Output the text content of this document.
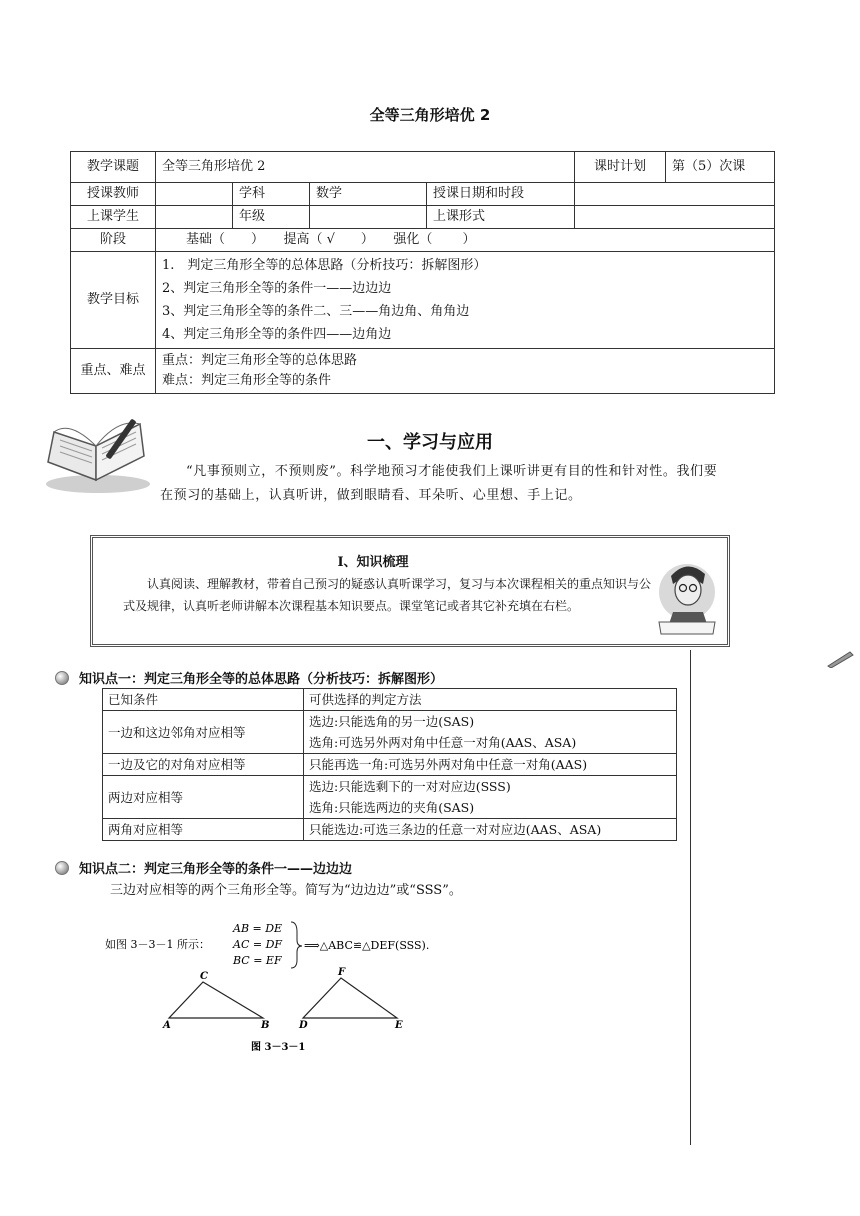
全等三角形培优 2
教学课题	全等三角形培优 2				课时计划	第（5）次课
授课教师		学科	数学	授课日期和时段		
上课学生		年级		上课形式		
阶段	基础（　　）　　提高（ √　　）　　强化（　　 ）					
教学目标	1.　判定三角形全等的总体思路（分析技巧：拆解图形）
2、判定三角形全等的条件一——边边边
3、判定三角形全等的条件二、三——角边角、角角边
4、判定三角形全等的条件四——边角边					

重点、难点	重点：判定三角形全等的总体思路
难点：判定三角形全等的条件					
一、学习与应用
“凡事预则立，不预则废”。科学地预习才能使我们上课听讲更有目的性和针对性。我们要在预习的基础上，认真听讲，做到眼睛看、耳朵听、心里想、手上记。
Ⅰ、知识梳理
认真阅读、理解教材，带着自己预习的疑惑认真听课学习，复习与本次课程相关的重点知识与公式及规律，认真听老师讲解本次课程基本知识要点。课堂笔记或者其它补充填在右栏。
知识点一：判定三角形全等的总体思路（分析技巧：拆解图形）
已知条件	可供选择的判定方法
一边和这边邻角对应相等	选边:只能选角的另一边(SAS)
选角:可选另外两对角中任意一对角(AAS、ASA)

一边及它的对角对应相等	只能再选一角:可选另外两对角中任意一对角(AAS)

两边对应相等	选边:只能选剩下的一对对应边(SSS)
选角:只能选两边的夹角(SAS)

两角对应相等	只能选边:可选三条边的任意一对对应边(AAS、ASA)
知识点二：判定三角形全等的条件一——边边边
三边对应相等的两个三角形全等。简写为“边边边”或“SSS”。
如图 3－3－1 所示：
AB = DE
AC = DF
BC = EF
⟹△ABC≌△DEF(SSS).
C
A	B
F
D	E
图 3－3－1
